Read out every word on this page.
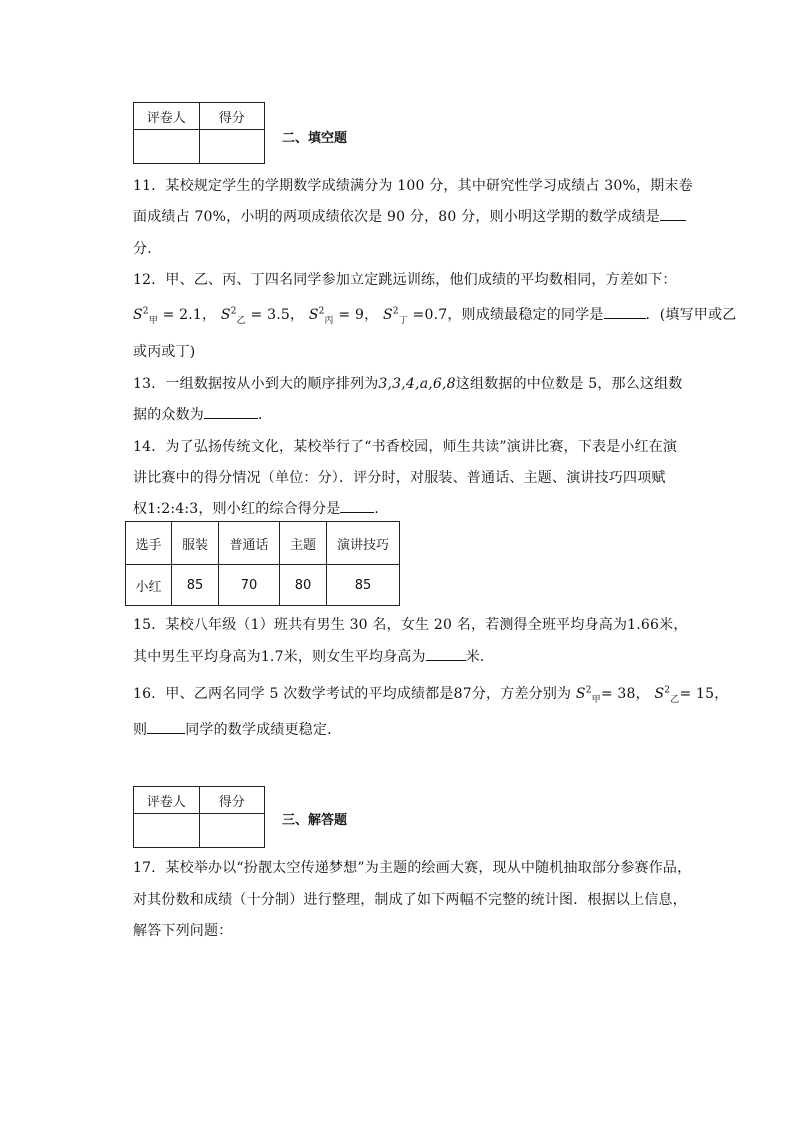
评卷人	得分

二、填空题
11．某校规定学生的学期数学成绩满分为 100 分，其中研究性学习成绩占 30%，期末卷
面成绩占 70%，小明的两项成绩依次是 90 分，80 分，则小明这学期的数学成绩是
分．
12．甲、乙、丙、丁四名同学参加立定跳远训练，他们成绩的平均数相同，方差如下：
$S^2_甲 = 2.1$， $S^2_乙 = 3.5$， $S^2_丙 = 9$， $S^2_丁 =0.7$，则成绩最稳定的同学是	．(填写甲或乙
或丙或丁)
13．一组数据按从小到大的顺序排列为3,3,4,a,6,8这组数据的中位数是 5，那么这组数
据的众数为	．
14．为了弘扬传统文化，某校举行了“书香校园，师生共读”演讲比赛，下表是小红在演
讲比赛中的得分情况（单位：分）．评分时，对服装、普通话、主题、演讲技巧四项赋
权1:2:4:3，则小红的综合得分是 ．
选手	服装	普通话	主题	演讲技巧
小红	85	70	80	85
15．某校八年级（1）班共有男生 30 名，女生 20 名，若测得全班平均身高为1.66米，
其中男生平均身高为1.7米，则女生平均身高为	米．
16．甲、乙两名同学 5 次数学考试的平均成绩都是87分，方差分别为 $S^2_甲= 38$， $S^2_乙= 15$，
则	同学的数学成绩更稳定．
评卷人	得分

三、解答题
17．某校举办以“扮靓太空传递梦想”为主题的绘画大赛，现从中随机抽取部分参赛作品，
对其份数和成绩（十分制）进行整理，制成了如下两幅不完整的统计图．根据以上信息，
解答下列问题：
